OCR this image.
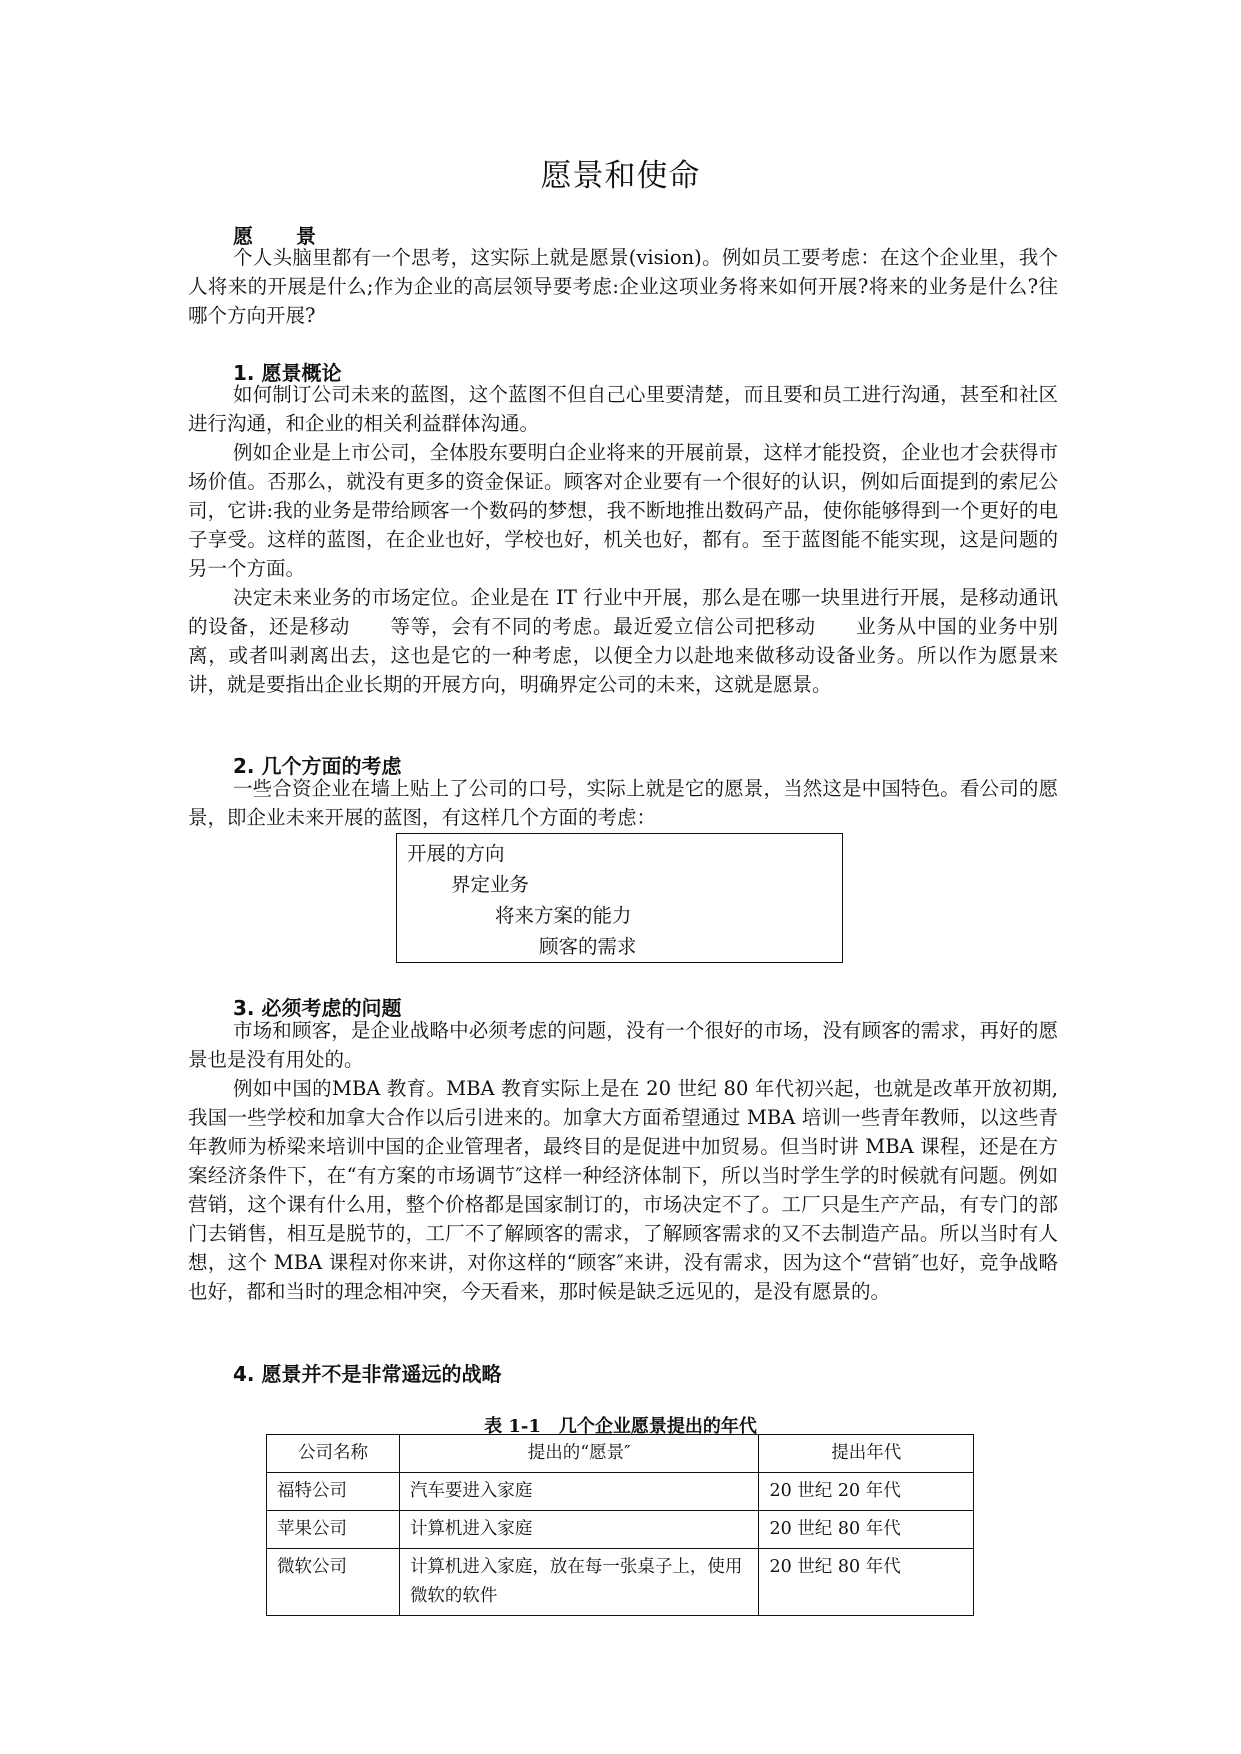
愿景和使命
愿 景

个人头脑里都有一个思考，这实际上就是愿景(vision)。例如员工要考虑：在这个企业里，我个人将来的开展是什么;作为企业的高层领导要考虑:企业这项业务将来如何开展?将来的业务是什么?往哪个方向开展?

1. 愿景概论

如何制订公司未来的蓝图，这个蓝图不但自己心里要清楚，而且要和员工进行沟通，甚至和社区进行沟通，和企业的相关利益群体沟通。

例如企业是上市公司，全体股东要明白企业将来的开展前景，这样才能投资，企业也才会获得市场价值。否那么，就没有更多的资金保证。顾客对企业要有一个很好的认识，例如后面提到的索尼公司，它讲:我的业务是带给顾客一个数码的梦想，我不断地推出数码产品，使你能够得到一个更好的电子享受。这样的蓝图，在企业也好，学校也好，机关也好，都有。至于蓝图能不能实现，这是问题的另一个方面。

决定未来业务的市场定位。企业是在 IT 行业中开展，那么是在哪一块里进行开展，是移动通讯的设备，还是移动　　等等，会有不同的考虑。最近爱立信公司把移动　　业务从中国的业务中别离，或者叫剥离出去，这也是它的一种考虑，以便全力以赴地来做移动设备业务。所以作为愿景来讲，就是要指出企业长期的开展方向，明确界定公司的未来，这就是愿景。

2. 几个方面的考虑

一些合资企业在墙上贴上了公司的口号，实际上就是它的愿景，当然这是中国特色。看公司的愿景，即企业未来开展的蓝图，有这样几个方面的考虑：

开展的方向
界定业务
将来方案的能力
顾客的需求
3. 必须考虑的问题

市场和顾客，是企业战略中必须考虑的问题，没有一个很好的市场，没有顾客的需求，再好的愿景也是没有用处的。

例如中国的MBA 教育。MBA 教育实际上是在 20 世纪 80 年代初兴起，也就是改革开放初期,我国一些学校和加拿大合作以后引进来的。加拿大方面希望通过 MBA 培训一些青年教师，以这些青年教师为桥梁来培训中国的企业管理者，最终目的是促进中加贸易。但当时讲 MBA 课程，还是在方案经济条件下，在“有方案的市场调节″这样一种经济体制下，所以当时学生学的时候就有问题。例如营销，这个课有什么用，整个价格都是国家制订的，市场决定不了。工厂只是生产产品，有专门的部门去销售，相互是脱节的，工厂不了解顾客的需求，了解顾客需求的又不去制造产品。所以当时有人想，这个 MBA 课程对你来讲，对你这样的“顾客″来讲，没有需求，因为这个“营销″也好，竞争战略也好，都和当时的理念相冲突，今天看来，那时候是缺乏远见的，是没有愿景的。

4. 愿景并不是非常遥远的战略
表 1-1　几个企业愿景提出的年代
公司名称	提出的“愿景″	提出年代
福特公司	汽车要进入家庭	20 世纪 20 年代
苹果公司	计算机进入家庭	20 世纪 80 年代
微软公司	计算机进入家庭，放在每一张桌子上，使用微软的软件	20 世纪 80 年代
